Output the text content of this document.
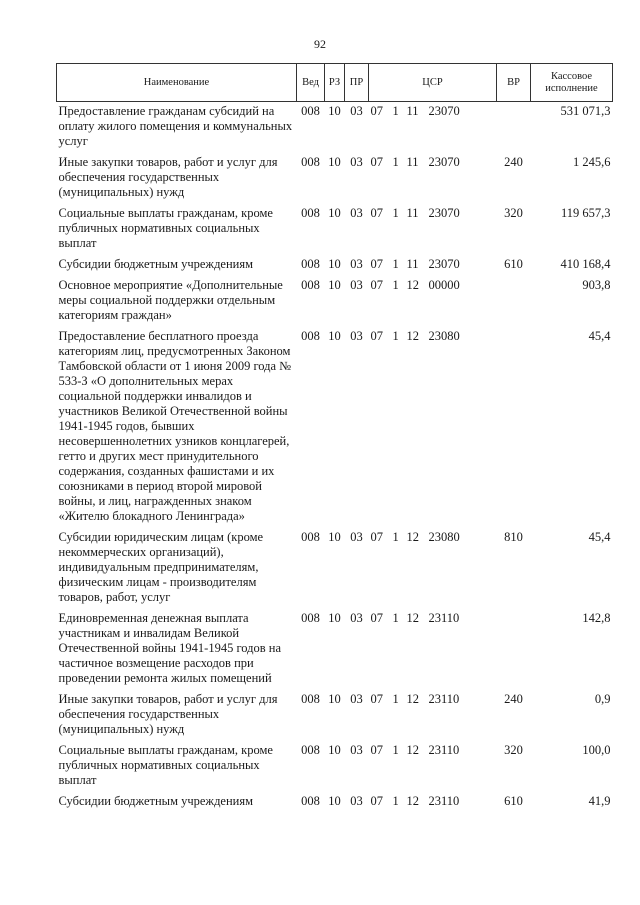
92
Наименование	Вед	РЗ	ПР	ЦСР	ВР	Кассовое исполнение
Предоставление гражданам субсидий на оплату жилого помещения и коммунальных услуг	008	10	03	07 1 11 23070		531 071,3
Иные закупки товаров, работ и услуг для обеспечения государственных (муниципальных) нужд	008	10	03	07 1 11 23070	240	1 245,6
Социальные выплаты гражданам, кроме публичных нормативных социальных выплат	008	10	03	07 1 11 23070	320	119 657,3
Субсидии бюджетным учреждениям	008	10	03	07 1 11 23070	610	410 168,4
Основное мероприятие «Дополнительные меры социальной поддержки отдельным категориям граждан»	008	10	03	07 1 12 00000		903,8
Предоставление бесплатного проезда категориям лиц, предусмотренных Законом Тамбовской области от 1 июня 2009 года № 533-З «О дополнительных мерах социальной поддержки инвалидов и участников Великой Отечественной войны 1941-1945 годов, бывших несовершеннолетних узников концлагерей, гетто и других мест принудительного содержания, созданных фашистами и их союзниками в период второй мировой войны, и лиц, награжденных знаком «Жителю блокадного Ленинграда»	008	10	03	07 1 12 23080		45,4
Субсидии юридическим лицам (кроме некоммерческих организаций), индивидуальным предпринимателям, физическим лицам - производителям товаров, работ, услуг	008	10	03	07 1 12 23080	810	45,4
Единовременная денежная выплата участникам и инвалидам Великой Отечественной войны 1941-1945 годов на частичное возмещение расходов при проведении ремонта жилых помещений	008	10	03	07 1 12 23110		142,8
Иные закупки товаров, работ и услуг для обеспечения государственных (муниципальных) нужд	008	10	03	07 1 12 23110	240	0,9
Социальные выплаты гражданам, кроме публичных нормативных социальных выплат	008	10	03	07 1 12 23110	320	100,0
Субсидии бюджетным учреждениям	008	10	03	07 1 12 23110	610	41,9
